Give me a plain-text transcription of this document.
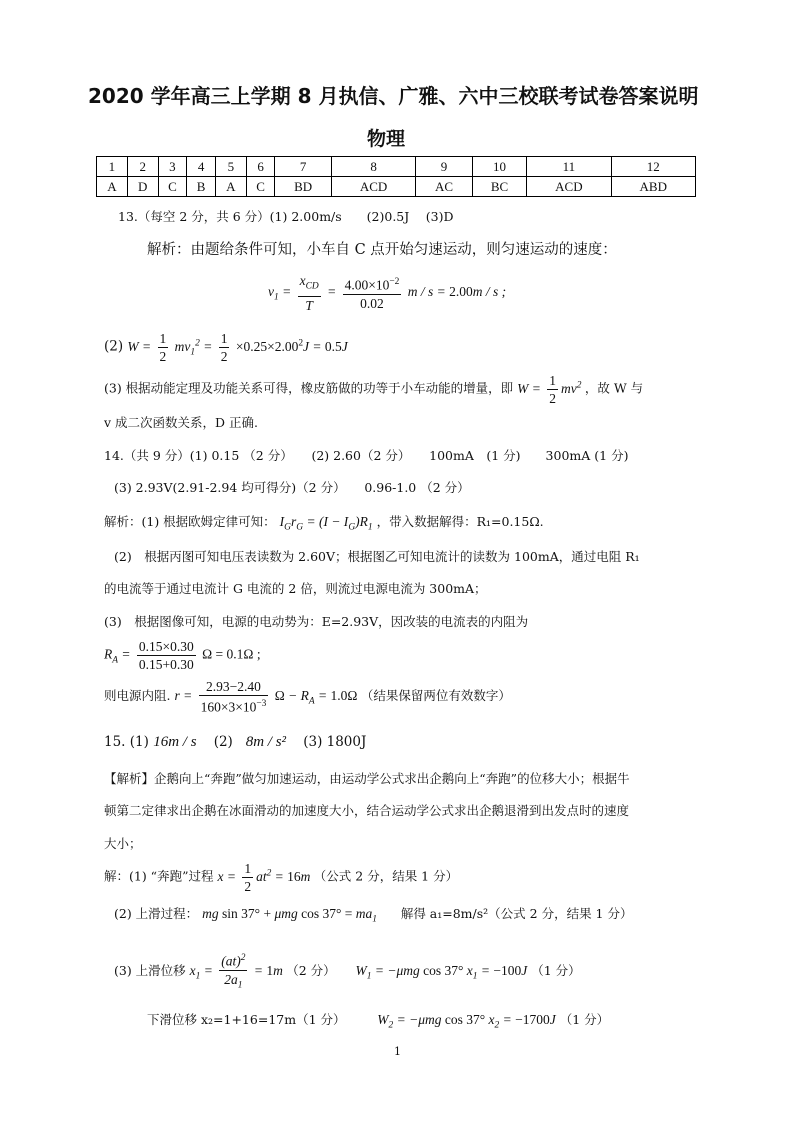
2020 学年高三上学期 8 月执信、广雅、六中三校联考试卷答案说明
物理
1	2	3	4	5	6	7	8	9	10	11	12
A	D	C	B	A	C	BD	ACD	AC	BC	ACD	ABD
13.（每空 2 分，共 6 分）(1) 2.00m/s　　(2)0.5J　 (3)D
解析：由题给条件可知，小车自 C 点开始匀速运动，则匀速运动的速度：
$v_1 = \frac{x_{CD}}{T} = \frac{4.00\times 10^{-2}}{0.02}$ m / s = 2.00m / s ;
(2) $W = \frac{1}{2} mv_1^2 = \frac{1}{2} \times 0.25\times 2.00^2J = 0.5J$
(3) 根据动能定理及功能关系可得，橡皮筋做的功等于小车动能的增量，即 $W = \frac{1}{2} mv^2$ ，故 W 与
v 成二次函数关系，D 正确.
14.（共 9 分）(1) 0.15 （2 分）　　(2) 2.60（2 分）　　100mA　(1 分)　　300mA (1 分)
(3) 2.93V(2.91-2.94 均可得分)（2 分）　　0.96-1.0 （2 分）
解析：(1) 根据欧姆定律可知： $I_Gr_G = (I - I_G)R_1$ ，带入数据解得：R₁=0.15Ω.
(2)　根据丙图可知电压表读数为 2.60V；根据图乙可知电流计的读数为 100mA，通过电阻 R₁
的电流等于通过电流计 G 电流的 2 倍，则流过电源电流为 300mA；
(3)　根据图像可知，电源的电动势为：E=2.93V，因改装的电流表的内阻为
$R_A = \frac{0.15\times 0.30}{0.15+0.30}$ Ω = 0.1Ω ;
则电源内阻. $r = \frac{2.93-2.40}{160\times 3\times 10^{-3}}$ $\Omega - R_A = 1.0\Omega$ （结果保留两位有效数字）
15. (1) 16m / s (2) 8m / s² (3) 1800J
【解析】企鹅向上“奔跑”做匀加速运动，由运动学公式求出企鹅向上“奔跑”的位移大小；根据牛
顿第二定律求出企鹅在冰面滑动的加速度大小，结合运动学公式求出企鹅退滑到出发点时的速度
大小；
解：(1) “奔跑”过程 $x = \frac{1}{2} at^2 = 16m$ （公式 2 分，结果 1 分）
(2) 上滑过程： mg sin 37° + μmg $\cos 37^\circ = ma_1$ 解得 a₁=8m/s²（公式 2 分，结果 1 分）
(3) 上滑位移 $x_1 = \frac{(at)^2}{2a_1} = 1m$ （2 分） $W_1 = -\mu mg$ cos 37° $x_1 = -100J$ （1 分）
下滑位移 x₂=1+16=17m（1 分） $W_2 = -\mu mg$ cos 37° $x_2 = -1700J$ （1 分）
1
